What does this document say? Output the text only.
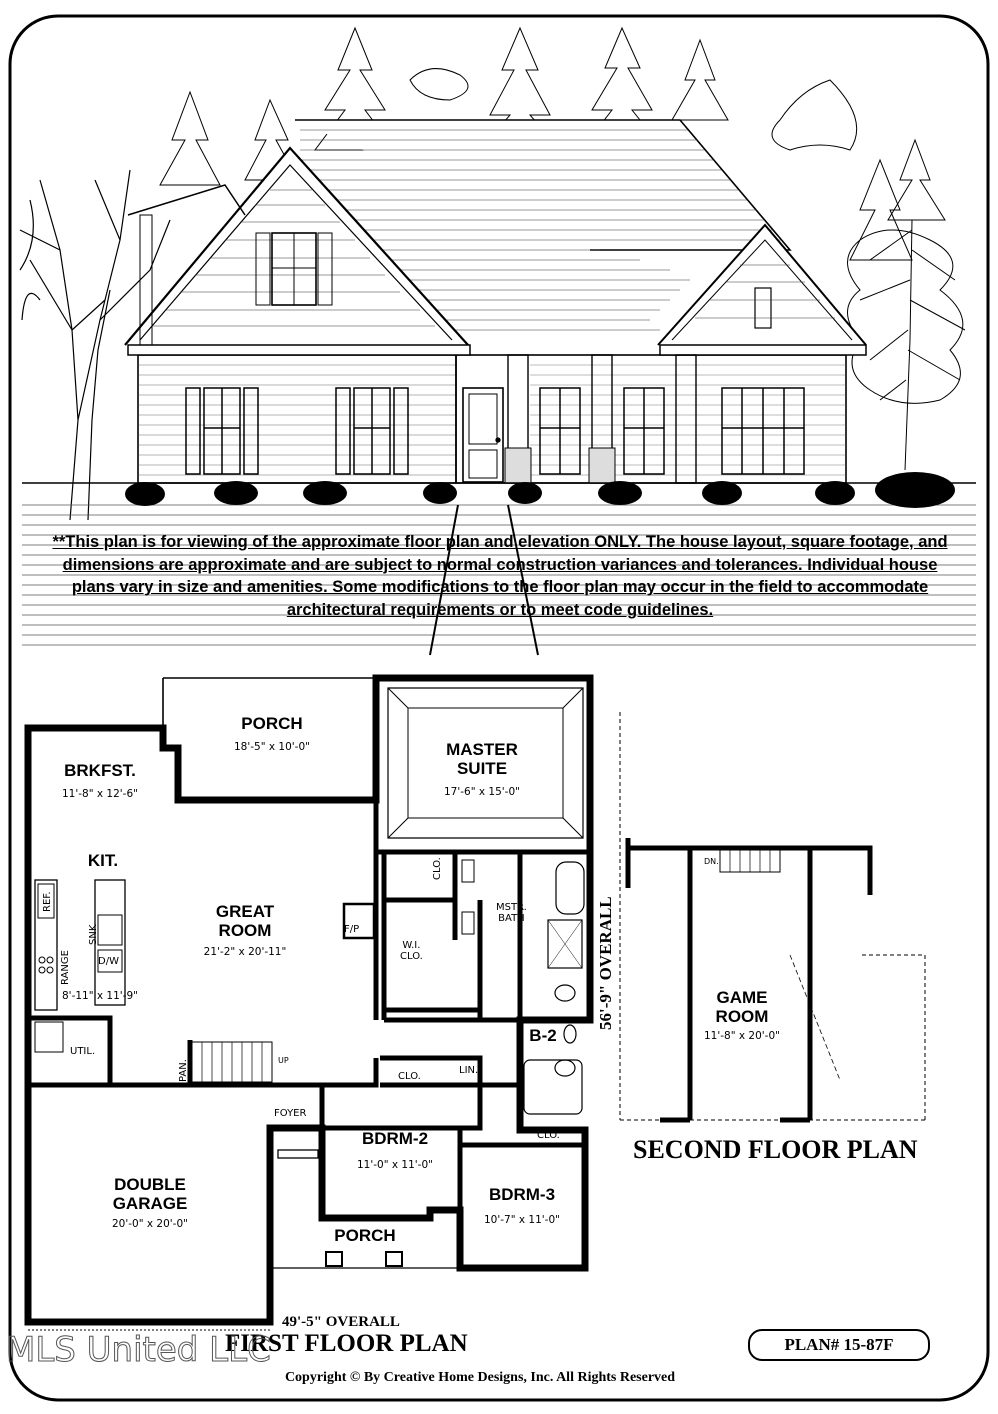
**This plan is for viewing of the approximate floor plan and elevation ONLY. The house layout, square footage, and dimensions are approximate and are subject to normal construction variances and tolerances. Individual house plans vary in size and amenities. Some modifications to the floor plan may occur in the field to accommodate architectural requirements or to meet code guidelines.
PORCH
18'-5" x 10'-0"	MASTER
SUITE
17'-6" x 15'-0"
BRKFST.
11'-8" x 12'-6"
KIT.
8'-11" x 11'-9"
GREAT
ROOM
21'-2" x 20'-11"
DOUBLE
GARAGE
20'-0" x 20'-0"
BDRM-2
11'-0" x 11'-0"
BDRM-3
10'-7" x 11'-0"
PORCH
B-2
F/P
W.I.
CLO.
MSTR.
BATH
CLO.
CLO.
CLO.
LIN.
UTIL.
PAN.
FOYER
REF.
SNK
D/W
RANGE
UP
49'-5" OVERALL
56'-9" OVERALL	GAME
ROOM
11'-8" x 20'-0"
DN.
FIRST FLOOR PLAN
SECOND FLOOR PLAN
PLAN# 15-87F
Copyright © By Creative Home Designs, Inc. All Rights Reserved
MLS United LLC
